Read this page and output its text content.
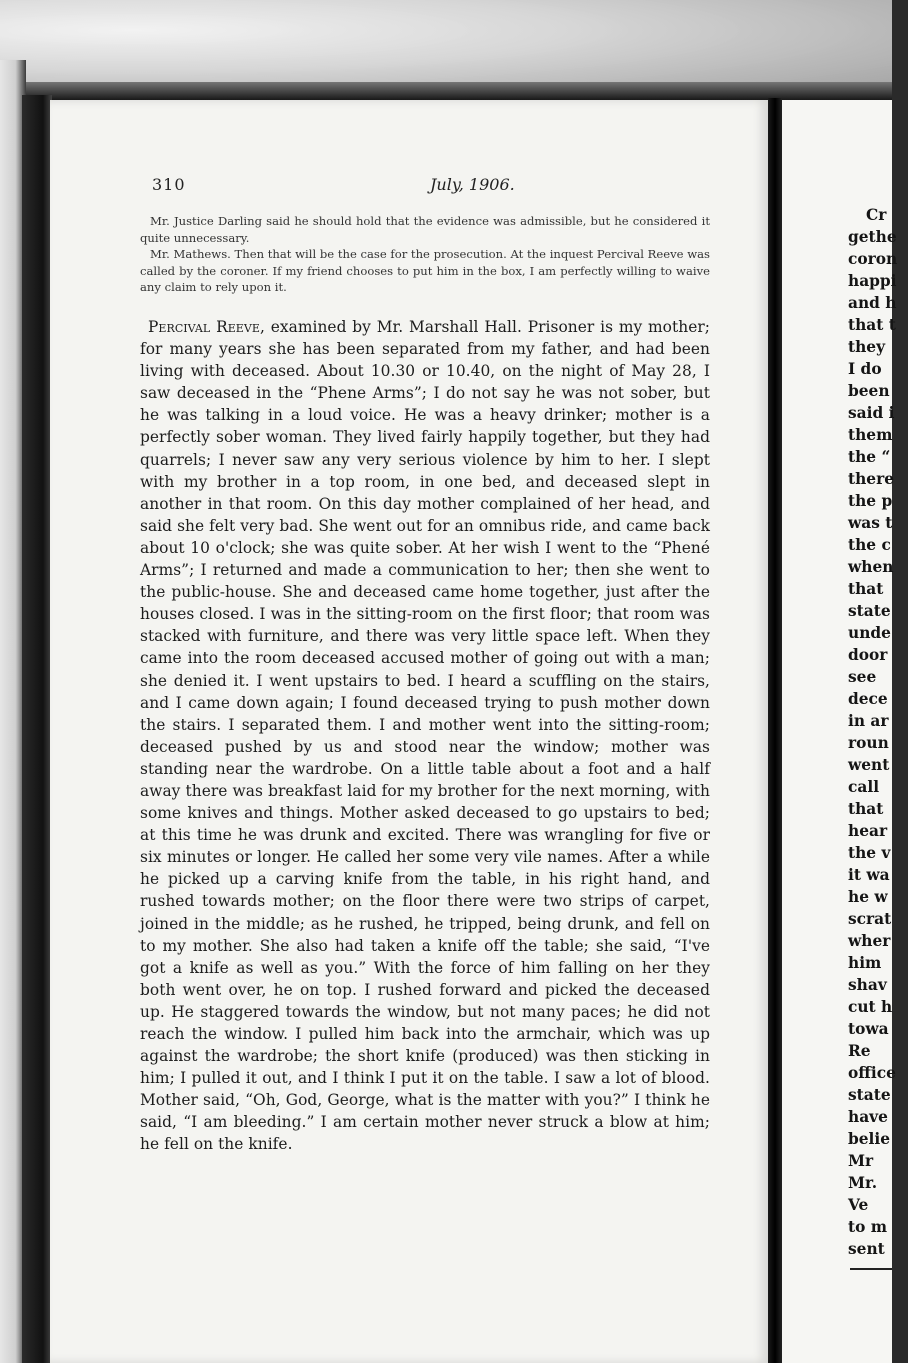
310	July, 1906.

Mr. Justice Darling said he should hold that the evidence was admissible, but he considered it quite unnecessary.

Mr. Mathews. Then that will be the case for the prosecution. At the inquest Percival Reeve was called by the coroner. If my friend chooses to put him in the box, I am perfectly willing to waive any claim to rely upon it.

Percival Reeve, examined by Mr. Marshall Hall. Prisoner is my mother; for many years she has been separated from my father, and had been living with deceased. About 10.30 or 10.40, on the night of May 28, I saw deceased in the “Phene Arms”; I do not say he was not sober, but he was talking in a loud voice. He was a heavy drinker; mother is a perfectly sober woman. They lived fairly happily together, but they had quarrels; I never saw any very serious violence by him to her. I slept with my brother in a top room, in one bed, and deceased slept in another in that room. On this day mother complained of her head, and said she felt very bad. She went out for an omnibus ride, and came back about 10 o'clock; she was quite sober. At her wish I went to the “Phené Arms”; I returned and made a communication to her; then she went to the public-house. She and deceased came home together, just after the houses closed. I was in the sitting-room on the first floor; that room was stacked with furniture, and there was very little space left. When they came into the room deceased accused mother of going out with a man; she denied it. I went upstairs to bed. I heard a scuffling on the stairs, and I came down again; I found deceased trying to push mother down the stairs. I separated them. I and mother went into the sitting-room; deceased pushed by us and stood near the window; mother was standing near the wardrobe. On a little table about a foot and a half away there was breakfast laid for my brother for the next morning, with some knives and things. Mother asked deceased to go upstairs to bed; at this time he was drunk and excited. There was wrangling for five or six minutes or longer. He called her some very vile names. After a while he picked up a carving knife from the table, in his right hand, and rushed towards mother; on the floor there were two strips of carpet, joined in the middle; as he rushed, he tripped, being drunk, and fell on to my mother. She also had taken a knife off the table; she said, “I've got a knife as well as you.” With the force of him falling on her they both went over, he on top. I rushed forward and picked the deceased up. He staggered towards the window, but not many paces; he did not reach the window. I pulled him back into the armchair, which was up against the wardrobe; the short knife (produced) was then sticking in him; I pulled it out, and I think I put it on the table. I saw a lot of blood. Mother said, “Oh, God, George, what is the matter with you?” I think he said, “I am bleeding.” I am certain mother never struck a blow at him; he fell on the knife.

Cr
gethe
coron
happi
and h
that t
they
I do
been
said i
them
the “
there
the p
was t
the c
when
that
state
unde
door
see
dece
in ar
roun
went
call
that
hear
the v
it wa
he w
scrat
wher
him
shav
cut h
towa
Re
office
state
have
belie
Mr
Mr.
Ve
to m
sent
